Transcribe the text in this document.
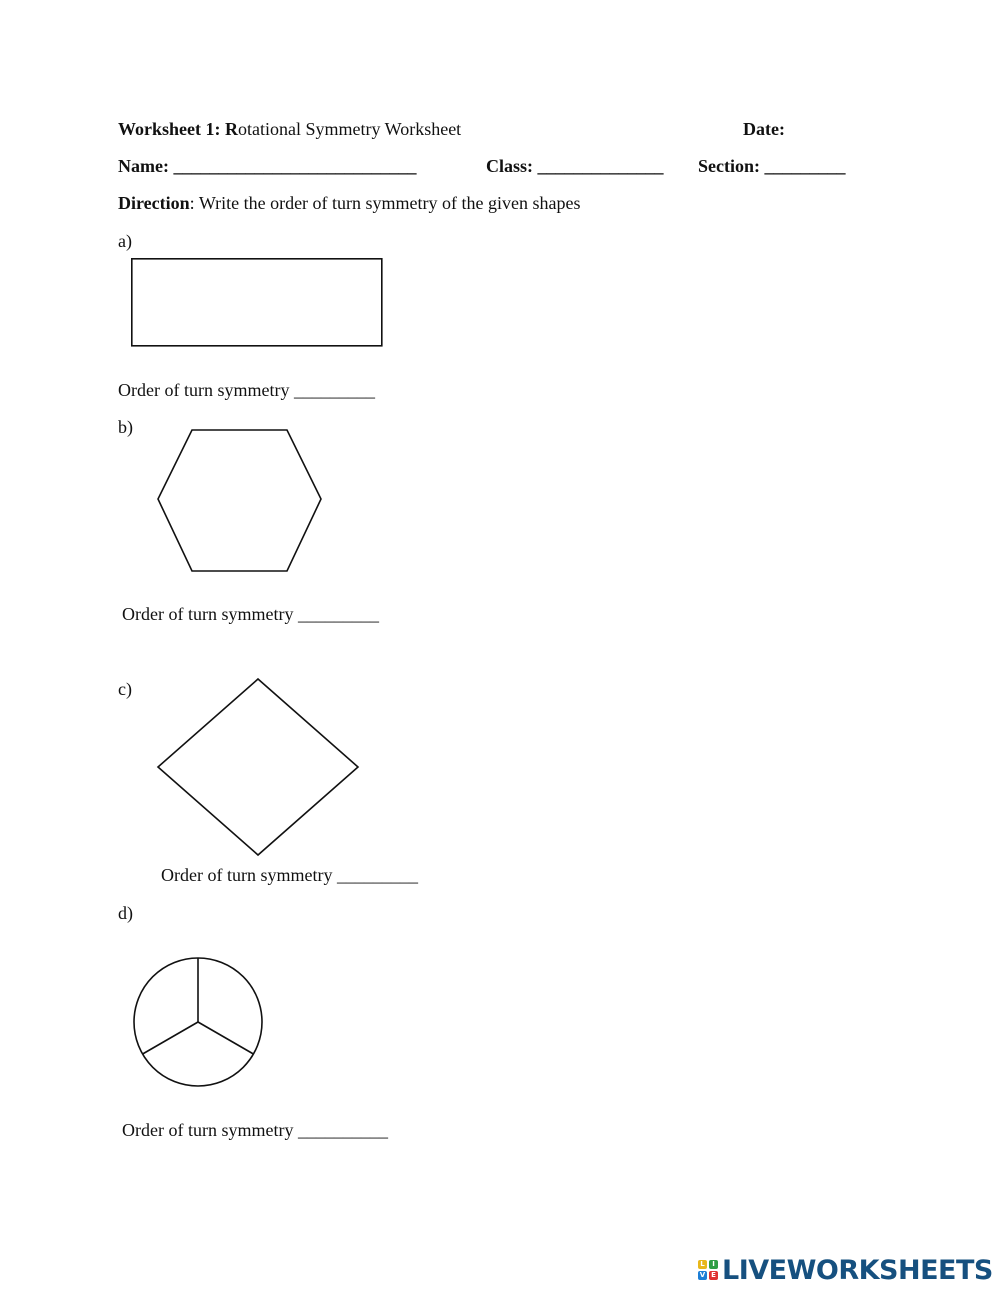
Worksheet 1: Rotational Symmetry Worksheet	Date:
Name: ___________________________	Class: ______________ Section: _________
Direction: Write the order of turn symmetry of the given shapes
a)
Order of turn symmetry _________
b)
Order of turn symmetry _________
c)
Order of turn symmetry _________
d)
Order of turn symmetry __________
L	I
V E LIVEWORKSHEETS
